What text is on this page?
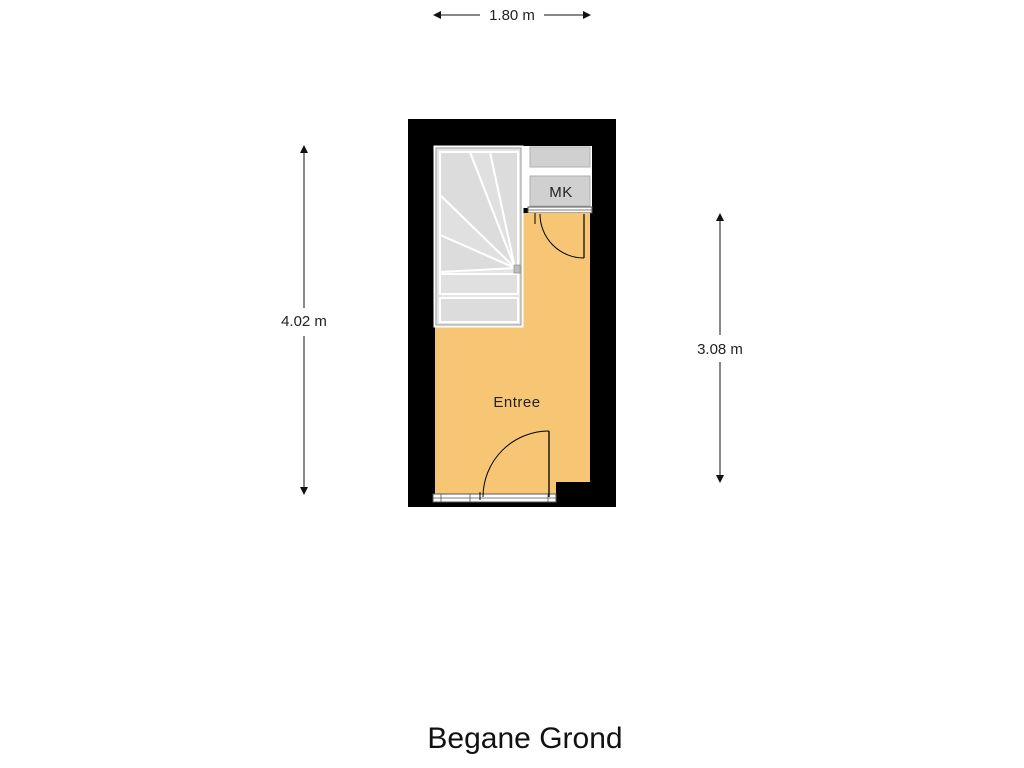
MK
Entree
1.80 m
4.02 m
3.08 m
Begane Grond
